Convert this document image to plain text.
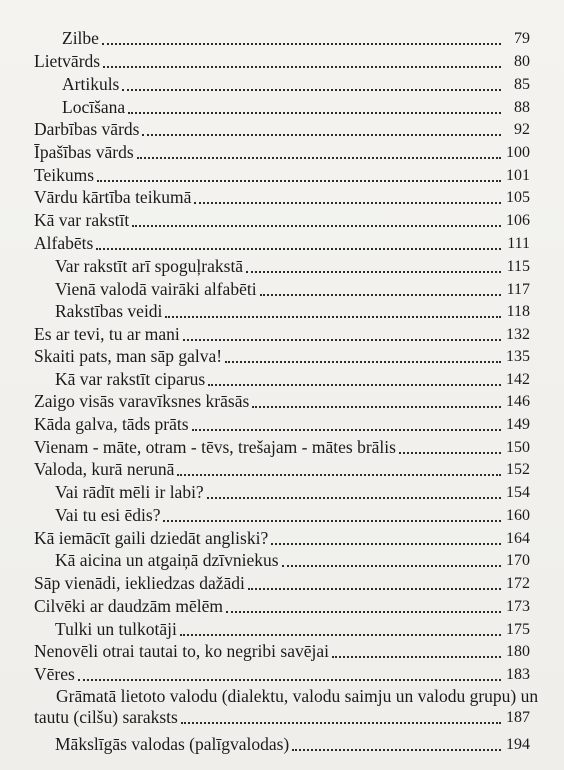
Zilbe	79
Lietvārds	80
Artikuls	85
Locīšana	88
Darbības vārds	92
Īpašības vārds	100
Teikums	101
Vārdu kārtība teikumā	105
Kā var rakstīt	106
Alfabēts	111
Var rakstīt arī spoguļrakstā	115
Vienā valodā vairāki alfabēti	117
Rakstības veidi	118
Es ar tevi, tu ar mani	132
Skaiti pats, man sāp galva!	135
Kā var rakstīt ciparus	142
Zaigo visās varavīksnes krāsās	146
Kāda galva, tāds prāts	149
Vienam - māte, otram - tēvs, trešajam - mātes brālis	150
Valoda, kurā nerunā	152
Vai rādīt mēli ir labi?	154
Vai tu esi ēdis?	160
Kā iemācīt gaili dziedāt angliski?	164
Kā aicina un atgaiņā dzīvniekus	170
Sāp vienādi, iekliedzas dažādi	172
Cilvēki ar daudzām mēlēm	173
Tulki un tulkotāji	175
Nenovēli otrai tautai to, ko negribi savējai	180
Vēres	183
Grāmatā lietoto valodu (dialektu, valodu saimju un valodu grupu) un
tautu (cilšu) saraksts	187
Mākslīgās valodas (palīgvalodas)	194
